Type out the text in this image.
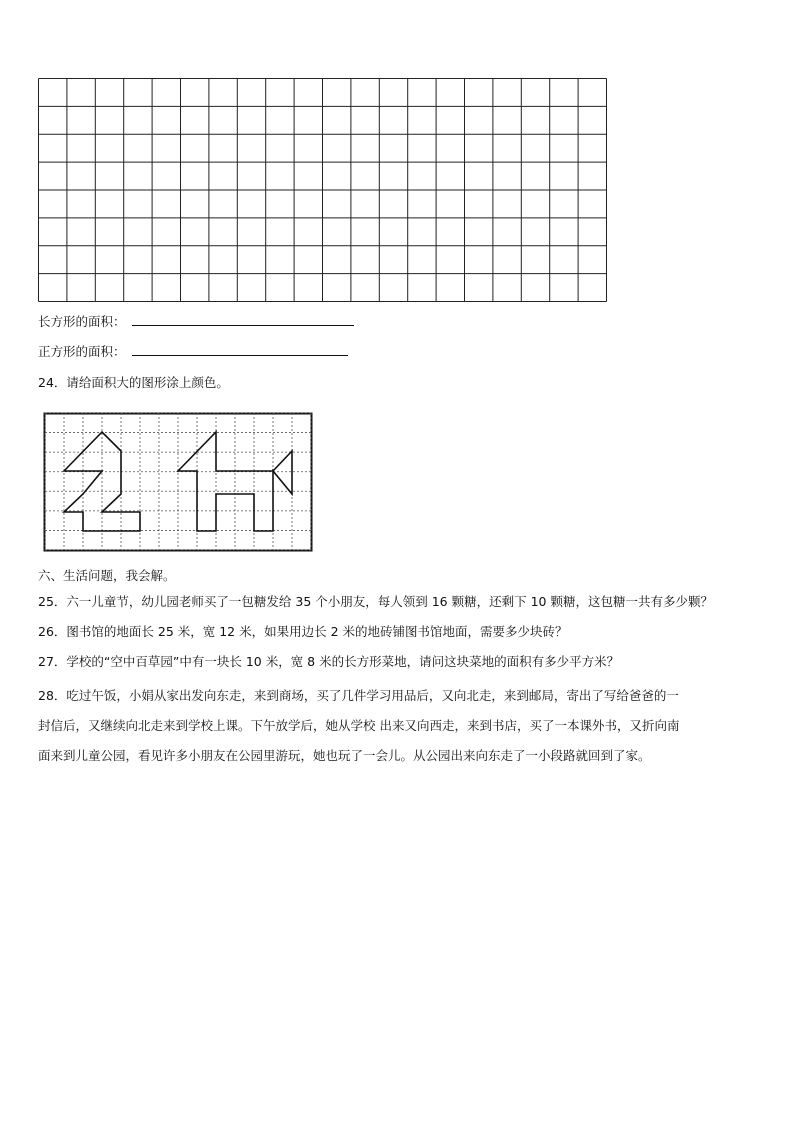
长方形的面积：
正方形的面积：
24．请给面积大的图形涂上颜色。
六、生活问题，我会解。
25．六一儿童节，幼儿园老师买了一包糖发给 35 个小朋友，每人领到 16 颗糖，还剩下 10 颗糖，这包糖一共有多少颗？
26．图书馆的地面长 25 米，宽 12 米，如果用边长 2 米的地砖铺图书馆地面，需要多少块砖？
27．学校的“空中百草园”中有一块长 10 米，宽 8 米的长方形菜地，请问这块菜地的面积有多少平方米？
28．吃过午饭，小娟从家出发向东走，来到商场，买了几件学习用品后，又向北走，来到邮局，寄出了写给爸爸的一
封信后，又继续向北走来到学校上课。下午放学后，她从学校 出来又向西走，来到书店，买了一本课外书，又折向南
面来到儿童公园，看见许多小朋友在公园里游玩，她也玩了一会儿。从公园出来向东走了一小段路就回到了家。
